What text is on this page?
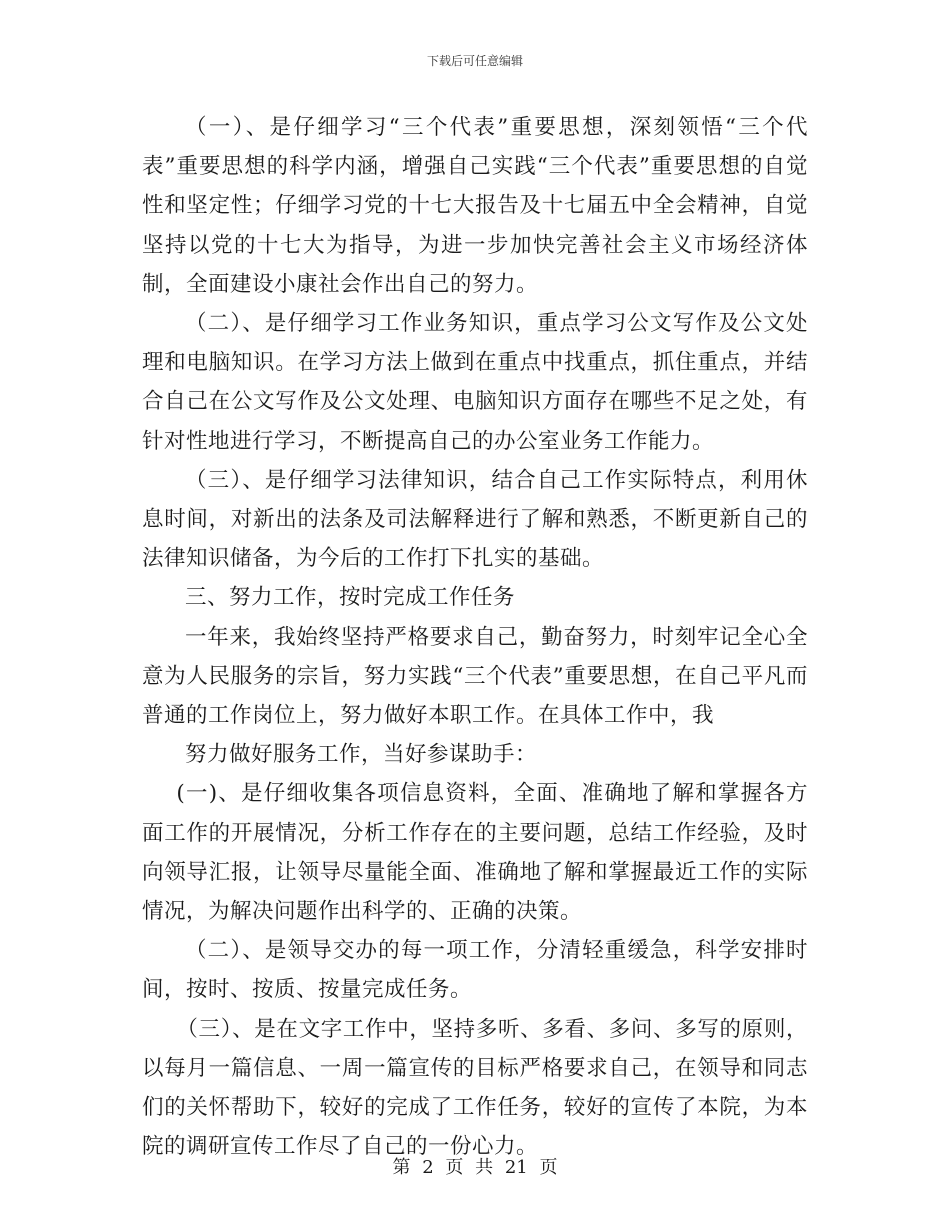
下载后可任意编辑

（一）、是仔细学习“三个代表”重要思想，深刻领悟“三个代表”重要思想的科学内涵，增强自己实践“三个代表”重要思想的自觉性和坚定性；仔细学习党的十七大报告及十七届五中全会精神，自觉坚持以党的十七大为指导，为进一步加快完善社会主义市场经济体制，全面建设小康社会作出自己的努力。

（二）、是仔细学习工作业务知识，重点学习公文写作及公文处理和电脑知识。在学习方法上做到在重点中找重点，抓住重点，并结合自己在公文写作及公文处理、电脑知识方面存在哪些不足之处，有针对性地进行学习，不断提高自己的办公室业务工作能力。

（三）、是仔细学习法律知识，结合自己工作实际特点，利用休息时间，对新出的法条及司法解释进行了解和熟悉，不断更新自己的法律知识储备，为今后的工作打下扎实的基础。

三、努力工作，按时完成工作任务

一年来，我始终坚持严格要求自己，勤奋努力，时刻牢记全心全意为人民服务的宗旨，努力实践“三个代表”重要思想，在自己平凡而普通的工作岗位上，努力做好本职工作。在具体工作中，我

努力做好服务工作，当好参谋助手：

(一)、是仔细收集各项信息资料，全面、准确地了解和掌握各方面工作的开展情况，分析工作存在的主要问题，总结工作经验，及时向领导汇报，让领导尽量能全面、准确地了解和掌握最近工作的实际情况，为解决问题作出科学的、正确的决策。

（二）、是领导交办的每一项工作，分清轻重缓急，科学安排时间，按时、按质、按量完成任务。

（三）、是在文字工作中，坚持多听、多看、多问、多写的原则，以每月一篇信息、一周一篇宣传的目标严格要求自己，在领导和同志们的关怀帮助下，较好的完成了工作任务，较好的宣传了本院，为本院的调研宣传工作尽了自己的一份心力。

第 2 页 共 21 页
